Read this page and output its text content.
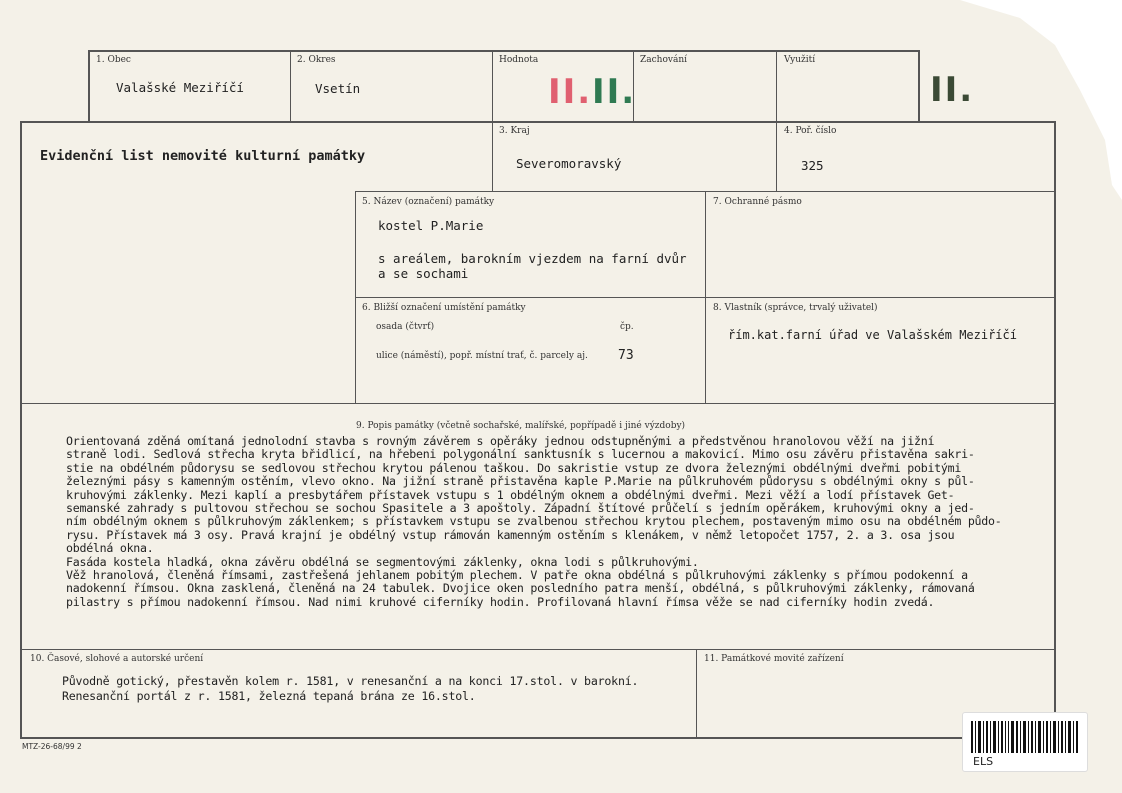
1. Obec
Valašské Meziříčí
2. Okres
Vsetín
Hodnota
II. II.
Zachování	Využití
II.
Evidenční list nemovité kulturní památky
3. Kraj
Severomoravský
4. Poř. číslo
325
5. Název (označení) památky
kostel P.Marie
s areálem, barokním vjezdem na farní dvůr
a se sochami
7. Ochranné pásmo
6. Bližší označení umístění památky
osada (čtvrť)	čp.
ulice (náměstí), popř. místní trať, č. parcely aj. 73
8. Vlastník (správce, trvalý uživatel)
řím.kat.farní úřad ve Valašském Meziříčí
9. Popis památky (včetně sochařské, malířské, popřípadě i jiné výzdoby)
Orientovaná zděná omítaná jednolodní stavba s rovným závěrem s opěráky jednou odstupněnými a předstvěnou hranolovou věží na jižní
straně lodi. Sedlová střecha kryta břidlicí, na hřebeni polygonální sanktusník s lucernou a makovicí. Mimo osu závěru přistavěna sakri-
stie na obdélném půdorysu se sedlovou střechou krytou pálenou taškou. Do sakristie vstup ze dvora železnými obdélnými dveřmi pobitými
železnými pásy s kamenným ostěním, vlevo okno. Na jižní straně přistavěna kaple P.Marie na půlkruhovém půdorysu s obdélnými okny s půl-
kruhovými záklenky. Mezi kaplí a presbytářem přístavek vstupu s 1 obdélným oknem a obdélnými dveřmi. Mezi věží a lodí přístavek Get-
semanské zahrady s pultovou střechou se sochou Spasitele a 3 apoštoly. Západní štítové průčelí s jedním opěrákem, kruhovými okny a jed-
ním obdélným oknem s půlkruhovým záklenkem; s přístavkem vstupu se zvalbenou střechou krytou plechem, postaveným mimo osu na obdélném půdo-
rysu. Přístavek má 3 osy. Pravá krajní je obdélný vstup rámován kamenným ostěním s klenákem, v němž letopočet 1757, 2. a 3. osa jsou
obdélná okna.
Fasáda kostela hladká, okna závěru obdélná se segmentovými záklenky, okna lodi s půlkruhovými.
Věž hranolová, členěná římsami, zastřešená jehlanem pobitým plechem. V patře okna obdélná s půlkruhovými záklenky s přímou podokenní a
nadokenní římsou. Okna zasklená, členěná na 24 tabulek. Dvojice oken posledního patra menší, obdélná, s půlkruhovými záklenky, rámovaná
pilastry s přímou nadokenní římsou. Nad nimi kruhové ciferníky hodin. Profilovaná hlavní římsa věže se nad ciferníky hodin zvedá.
10. Časové, slohové a autorské určení
Původně gotický, přestavěn kolem r. 1581, v renesanční a na konci 17.stol. v barokní.
Renesanční portál z r. 1581, železná tepaná brána ze 16.stol.
11. Památkové movité zařízení
MTZ-26-68/99 2
ELS
